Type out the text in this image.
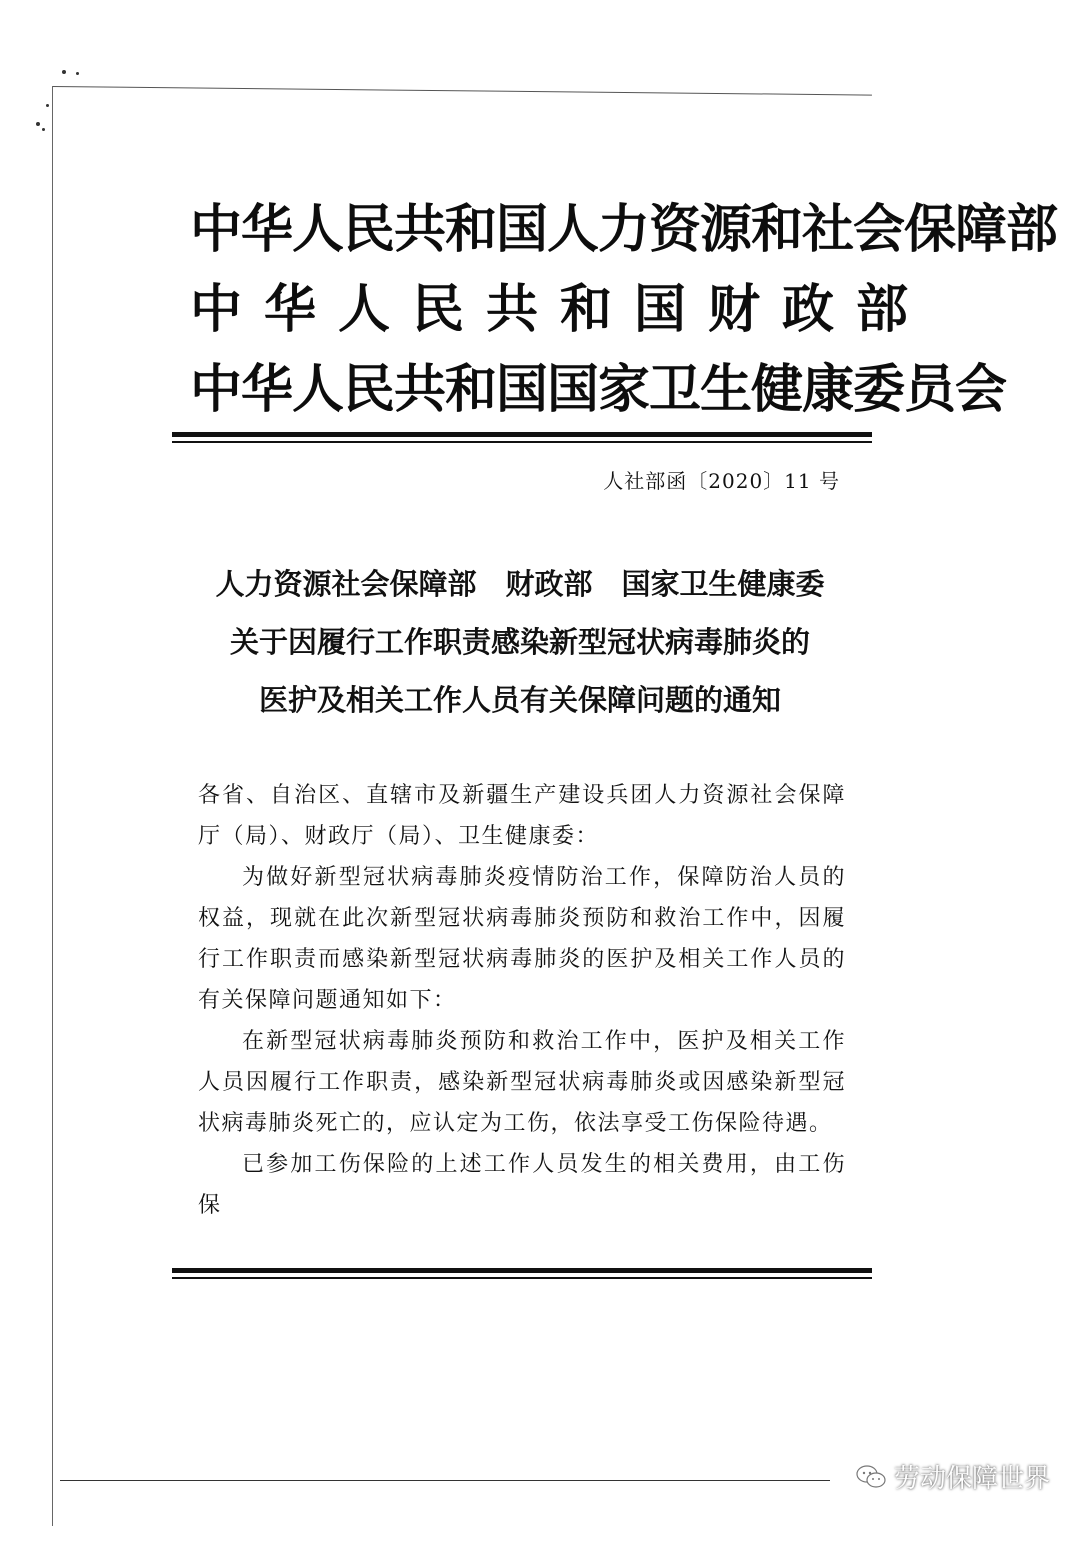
中华人民共和国人力资源和社会保障部
中华人民共和国财政部
中华人民共和国国家卫生健康委员会
人社部函〔2020〕11 号
人力资源社会保障部　财政部　国家卫生健康委
关于因履行工作职责感染新型冠状病毒肺炎的
医护及相关工作人员有关保障问题的通知

各省、自治区、直辖市及新疆生产建设兵团人力资源社会保障厅（局）、财政厅（局）、卫生健康委：

为做好新型冠状病毒肺炎疫情防治工作，保障防治人员的权益，现就在此次新型冠状病毒肺炎预防和救治工作中，因履行工作职责而感染新型冠状病毒肺炎的医护及相关工作人员的有关保障问题通知如下：

在新型冠状病毒肺炎预防和救治工作中，医护及相关工作人员因履行工作职责，感染新型冠状病毒肺炎或因感染新型冠状病毒肺炎死亡的，应认定为工伤，依法享受工伤保险待遇。

已参加工伤保险的上述工作人员发生的相关费用，由工伤保

劳动保障世界
